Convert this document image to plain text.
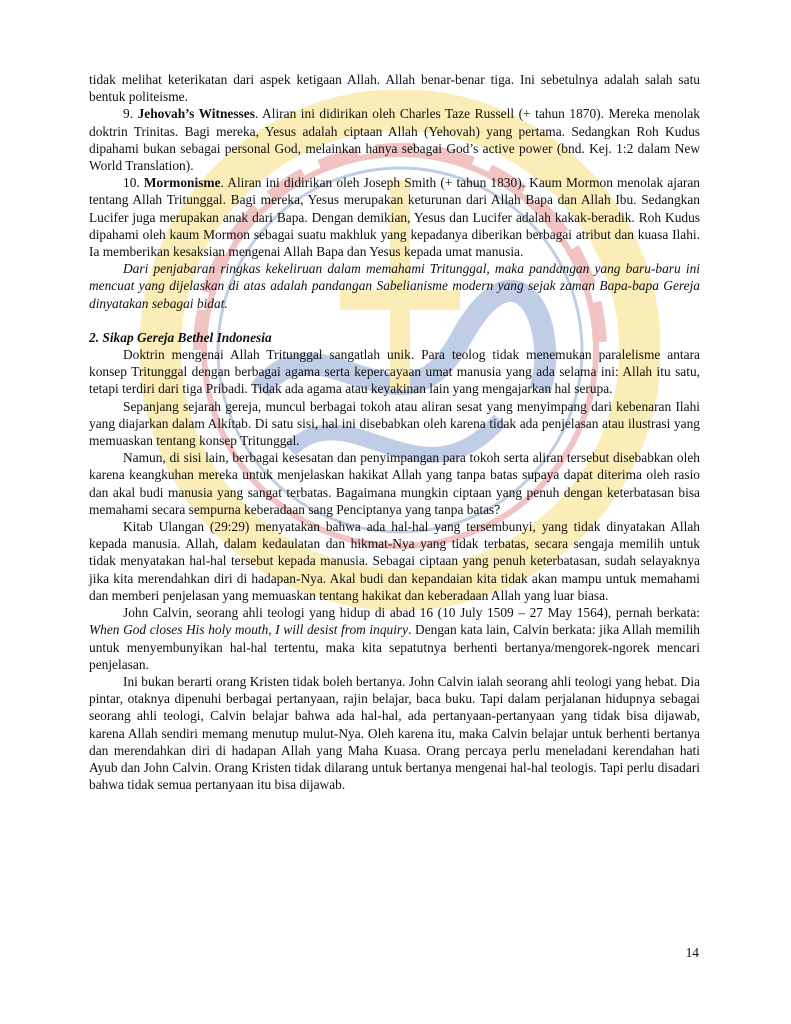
tidak melihat keterikatan dari aspek ketigaan Allah. Allah benar-benar tiga. Ini sebetulnya adalah salah satu bentuk politeisme.

9. Jehovah’s Witnesses. Aliran ini didirikan oleh Charles Taze Russell (+ tahun 1870). Mereka menolak doktrin Trinitas. Bagi mereka, Yesus adalah ciptaan Allah (Yehovah) yang pertama. Sedangkan Roh Kudus dipahami bukan sebagai personal God, melainkan hanya sebagai God’s active power (bnd. Kej. 1:2 dalam New World Translation).

10. Mormonisme. Aliran ini didirikan oleh Joseph Smith (+ tahun 1830). Kaum Mormon menolak ajaran tentang Allah Tritunggal. Bagi mereka, Yesus merupakan keturunan dari Allah Bapa dan Allah Ibu. Sedangkan Lucifer juga merupakan anak dari Bapa. Dengan demikian, Yesus dan Lucifer adalah kakak-beradik. Roh Kudus dipahami oleh kaum Mormon sebagai suatu makhluk yang kepadanya diberikan berbagai atribut dan kuasa Ilahi. Ia memberikan kesaksian mengenai Allah Bapa dan Yesus kepada umat manusia.

Dari penjabaran ringkas kekeliruan dalam memahami Tritunggal, maka pandangan yang baru-baru ini mencuat yang dijelaskan di atas adalah pandangan Sabelianisme modern yang sejak zaman Bapa-bapa Gereja dinyatakan sebagai bidat.

2. Sikap Gereja Bethel Indonesia

Doktrin mengenai Allah Tritunggal sangatlah unik. Para teolog tidak menemukan paralelisme antara konsep Tritunggal dengan berbagai agama serta kepercayaan umat manusia yang ada selama ini: Allah itu satu, tetapi terdiri dari tiga Pribadi. Tidak ada agama atau keyakinan lain yang mengajarkan hal serupa.

Sepanjang sejarah gereja, muncul berbagai tokoh atau aliran sesat yang menyimpang dari kebenaran Ilahi yang diajarkan dalam Alkitab. Di satu sisi, hal ini disebabkan oleh karena tidak ada penjelasan atau ilustrasi yang memuaskan tentang konsep Tritunggal.

Namun, di sisi lain, berbagai kesesatan dan penyimpangan para tokoh serta aliran tersebut disebabkan oleh karena keangkuhan mereka untuk menjelaskan hakikat Allah yang tanpa batas supaya dapat diterima oleh rasio dan akal budi manusia yang sangat terbatas. Bagaimana mungkin ciptaan yang penuh dengan keterbatasan bisa memahami secara sempurna keberadaan sang Penciptanya yang tanpa batas?

Kitab Ulangan (29:29) menyatakan bahwa ada hal-hal yang tersembunyi, yang tidak dinyatakan Allah kepada manusia. Allah, dalam kedaulatan dan hikmat-Nya yang tidak terbatas, secara sengaja memilih untuk tidak menyatakan hal-hal tersebut kepada manusia. Sebagai ciptaan yang penuh keterbatasan, sudah selayaknya jika kita merendahkan diri di hadapan-Nya. Akal budi dan kepandaian kita tidak akan mampu untuk memahami dan memberi penjelasan yang memuaskan tentang hakikat dan keberadaan Allah yang luar biasa.

John Calvin, seorang ahli teologi yang hidup di abad 16 (10 July 1509 – 27 May 1564), pernah berkata: When God closes His holy mouth, I will desist from inquiry. Dengan kata lain, Calvin berkata: jika Allah memilih untuk menyembunyikan hal-hal tertentu, maka kita sepatutnya berhenti bertanya/mengorek-ngorek mencari penjelasan.

Ini bukan berarti orang Kristen tidak boleh bertanya. John Calvin ialah seorang ahli teologi yang hebat. Dia pintar, otaknya dipenuhi berbagai pertanyaan, rajin belajar, baca buku. Tapi dalam perjalanan hidupnya sebagai seorang ahli teologi, Calvin belajar bahwa ada hal-hal, ada pertanyaan-pertanyaan yang tidak bisa dijawab, karena Allah sendiri memang menutup mulut-Nya. Oleh karena itu, maka Calvin belajar untuk berhenti bertanya dan merendahkan diri di hadapan Allah yang Maha Kuasa. Orang percaya perlu meneladani kerendahan hati Ayub dan John Calvin. Orang Kristen tidak dilarang untuk bertanya mengenai hal-hal teologis. Tapi perlu disadari bahwa tidak semua pertanyaan itu bisa dijawab.

14
